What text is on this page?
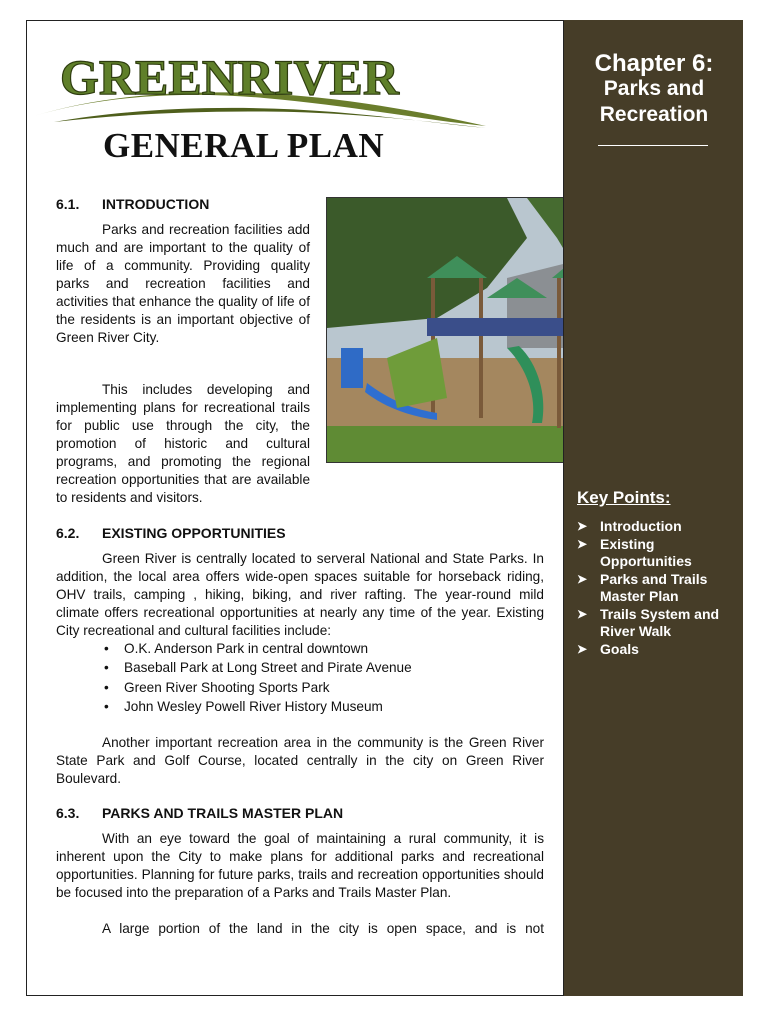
GREENRIVER utah
GENERAL PLAN
6.1. INTRODUCTION
Parks and recreation facilities add much and are important to the quality of life of a community. Providing quality parks and recreation facilities and activities that enhance the quality of life of the residents is an important objective of Green River City.
This includes developing and implementing plans for recreational trails for public use through the city, the promotion of historic and cultural programs, and promoting the regional recreation opportunities that are available to residents and visitors.
6.2. EXISTING OPPORTUNITIES
Green River is centrally located to serveral National and State Parks. In addition, the local area offers wide-open spaces suitable for horseback riding, OHV trails, camping , hiking, biking, and river rafting. The year-round mild climate offers recreational opportunities at nearly any time of the year. Existing City recreational and cultural facilities include:
• O.K. Anderson Park in central downtown
• Baseball Park at Long Street and Pirate Avenue
• Green River Shooting Sports Park
• John Wesley Powell River History Museum
Another important recreation area in the community is the Green River State Park and Golf Course, located centrally in the city on Green River Boulevard.
6.3. PARKS AND TRAILS MASTER PLAN
With an eye toward the goal of maintaining a rural community, it is inherent upon the City to make plans for additional parks and recreational opportunities. Planning for future parks, trails and recreation opportunities should be focused into the preparation of a Parks and Trails Master Plan.
A large portion of the land in the city is open space, and is not
Chapter 6:
Parks and
Recreation
Key Points:
➤ Introduction
➤ Existing Opportunities
➤ Parks and Trails Master Plan
➤ Trails System and River Walk
➤ Goals
